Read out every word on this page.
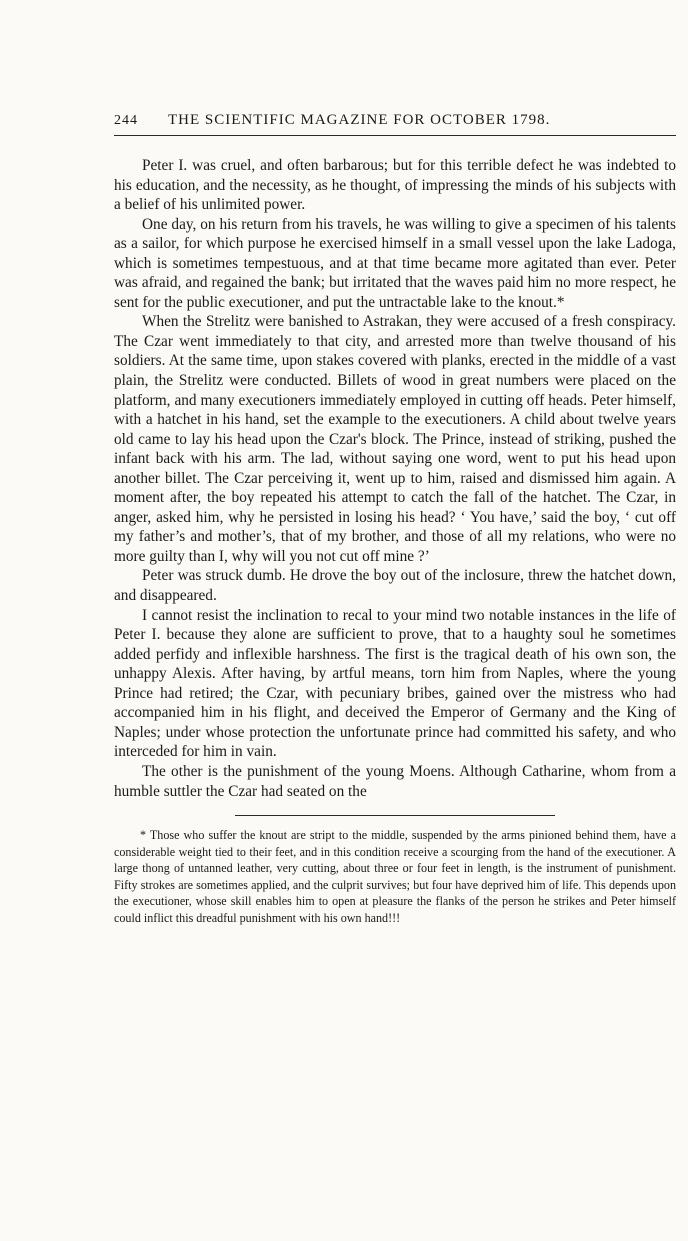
244	THE SCIENTIFIC MAGAZINE FOR OCTOBER 1798.

Peter I. was cruel, and often barbarous; but for this terrible defect he was indebted to his education, and the necessity, as he thought, of impressing the minds of his subjects with a belief of his unlimited power.

One day, on his return from his travels, he was willing to give a specimen of his talents as a sailor, for which purpose he exercised himself in a small vessel upon the lake Ladoga, which is sometimes tempestuous, and at that time became more agitated than ever. Peter was afraid, and regained the bank; but irritated that the waves paid him no more respect, he sent for the public executioner, and put the untractable lake to the knout.*

When the Strelitz were banished to Astrakan, they were accused of a fresh conspiracy. The Czar went immediately to that city, and arrested more than twelve thousand of his soldiers. At the same time, upon stakes covered with planks, erected in the middle of a vast plain, the Strelitz were conducted. Billets of wood in great numbers were placed on the platform, and many executioners immediately employed in cutting off heads. Peter himself, with a hatchet in his hand, set the example to the executioners. A child about twelve years old came to lay his head upon the Czar's block. The Prince, instead of striking, pushed the infant back with his arm. The lad, without saying one word, went to put his head upon another billet. The Czar perceiving it, went up to him, raised and dismissed him again. A moment after, the boy repeated his attempt to catch the fall of the hatchet. The Czar, in anger, asked him, why he persisted in losing his head? ‘ You have,’ said the boy, ‘ cut off my father’s and mother’s, that of my brother, and those of all my relations, who were no more guilty than I, why will you not cut off mine ?’

Peter was struck dumb. He drove the boy out of the inclosure, threw the hatchet down, and disappeared.

I cannot resist the inclination to recal to your mind two notable instances in the life of Peter I. because they alone are sufficient to prove, that to a haughty soul he sometimes added perfidy and inflexible harshness. The first is the tragical death of his own son, the unhappy Alexis. After having, by artful means, torn him from Naples, where the young Prince had retired; the Czar, with pecuniary bribes, gained over the mistress who had accompanied him in his flight, and deceived the Emperor of Germany and the King of Naples; under whose protection the unfortunate prince had committed his safety, and who interceded for him in vain.

The other is the punishment of the young Moens. Although Catharine, whom from a humble suttler the Czar had seated on the

* Those who suffer the knout are stript to the middle, suspended by the arms pinioned behind them, have a considerable weight tied to their feet, and in this condition receive a scourging from the hand of the executioner. A large thong of untanned leather, very cutting, about three or four feet in length, is the instrument of punishment. Fifty strokes are sometimes applied, and the culprit survives; but four have deprived him of life. This depends upon the executioner, whose skill enables him to open at pleasure the flanks of the person he strikes and Peter himself could inflict this dreadful punishment with his own hand!!!
